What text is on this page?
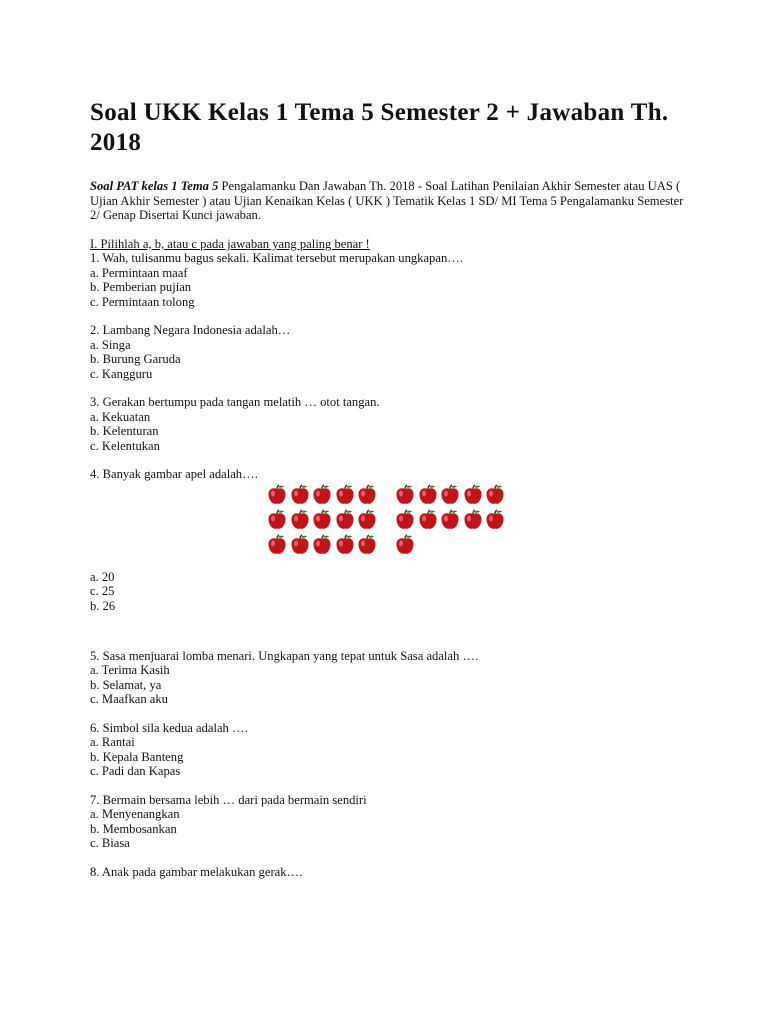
Soal UKK Kelas 1 Tema 5 Semester 2 + Jawaban Th. 2018

Soal PAT kelas 1 Tema 5 Pengalamanku Dan Jawaban Th. 2018 - Soal Latihan Penilaian Akhir Semester atau UAS ( Ujian Akhir Semester ) atau Ujian Kenaikan Kelas ( UKK ) Tematik Kelas 1 SD/ MI Tema 5 Pengalamanku Semester 2/ Genap Disertai Kunci jawaban.

I. Pilihlah a, b, atau c pada jawaban yang paling benar !

1. Wah, tulisanmu bagus sekali. Kalimat tersebut merupakan ungkapan….

a. Permintaan maaf

b. Pemberian pujian

c. Permintaan tolong

2. Lambang Negara Indonesia adalah…

a. Singa

b. Burung Garuda

c. Kangguru

3. Gerakan bertumpu pada tangan melatih … otot tangan.

a. Kekuatan

b. Kelenturan

c. Kelentukan

4. Banyak gambar apel adalah….

a. 20

c. 25

b. 26

5. Sasa menjuarai lomba menari. Ungkapan yang tepat untuk Sasa adalah ….

a. Terima Kasih

b. Selamat, ya

c. Maafkan aku

6. Simbol sila kedua adalah ….

a. Rantai

b. Kepala Banteng

c. Padi dan Kapas

7. Bermain bersama lebih … dari pada bermain sendiri

a. Menyenangkan

b. Membosankan

c. Biasa

8. Anak pada gambar melakukan gerak….
